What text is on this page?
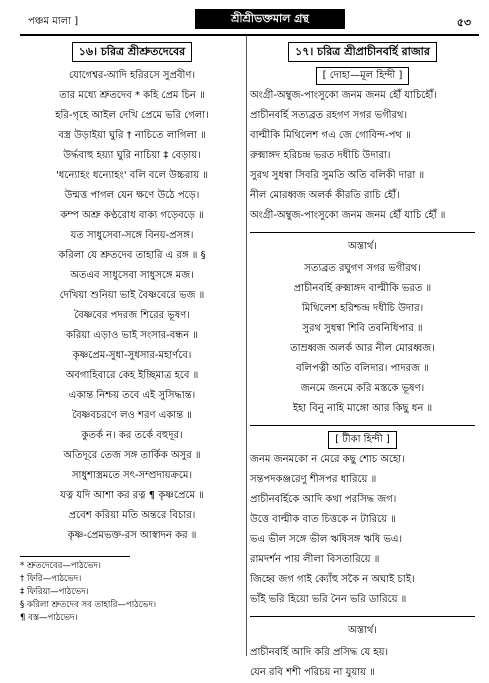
পঞ্চম মালা ]	শ্রীশ্রীভক্তমাল গ্রন্থ	৫৩
১৬। চরিত্র শ্রীশ্রুতদেবের
যোগেশ্বর-আদি হরিরসে সুপ্রবীণ।
তার মধ্যে শ্রুতদেব * কহি প্রেম চিন ॥
হরি-গৃহে আইল দেখি প্রেমে ভরি গেলা।
বস্ত্র উড়াইয়া ঘুরি † নাচিতে লাগিলা ॥
উর্দ্ধবাহু হয়্যা ঘুরি নাচিয়া ‡ বেড়ায়।
'ধন্যোহং ধন্যোহং' বলি বলে উচ্চরায় ॥
উন্মত্ত পাগল যেন ক্ষণে উঠে পড়ে।
কম্প অশ্রু কণ্ঠরোধ বাক্য গড়েবড়ে ॥
যত সাধুসেবা-সঙ্গে বিনয়-প্রসঙ্গ।
করিলা যে শ্রুতদেব তাহারি এ রঙ্গ ॥ §
অতএব সাধুসেবা সাধুসঙ্গে মজ।
দেখিয়া শুনিয়া ভাই বৈষ্ণবেরে ভজ ॥
বৈষ্ণবের পদরজ শিরের ভূষণ।
করিয়া এড়াও ভাই সংসার-বন্ধন ॥
কৃষ্ণপ্রেম-সুধা-সুধসার-মহার্ণবে।
অবগাহিবারে কেহ ইচ্ছিমাত্র হবে ॥
একান্ত নিশ্চয় তবে এই সুসিদ্ধান্ত।
বৈষ্ণবচরণে লও শরণ একান্ত ॥
কুতর্ক ন। কর তর্কে বহুদূর।
অতিদূরে তেজ সঙ্গ তার্কিক অসুর ॥
সাধুশাস্ত্রমতে সৎ-সম্প্রদায়ক্রমে।
যত্ন যদি আশা কর রত্ন ¶ কৃষ্ণপ্রেমে ॥
প্রবেশ করিয়া মতি অন্তরে বিচার।
কৃষ্ণ-প্রেমভক্ত-রস আস্বাদন কর ॥
* শ্রুতদেবের—পাঠভেদ।
† ফিরি—পাঠভেদ।
‡ ফিরিয়া—পাঠভেদ।
§ করিলা শ্রুতদেব সব তাহারি—পাঠভেদ।
¶ বস্ত—পাঠভেদ।
১৭। চরিত্র শ্রীপ্রাচীনবর্হি রাজার
[ দোহা—মূল হিন্দী ]
অংগ্রী-অম্বুজ-পাংসুকো জনম জনম হৌঁ যাচিহৌঁ।
প্রাচীনবর্হি সত্যব্রত রহগণ সগর ভগীরথ।
বাল্মীকি মিথিলেশ গএ জে গোবিন্দ-পথ ॥
রুক্মাঙ্গদ হরিচন্দ্র ভরত দধীচি উদারা।
সুরথ সুধন্বা সিবরি সুমতি অতি বলিকী দারা ॥
নীল মোরধ্বজ অলর্ক কীরতি রাচি হৌঁ।
অংগ্রী-অম্বুজ-পাংসুকো জনম জনম হৌঁ যাচি হৌঁ ॥
অস্তার্থ।
সত্যব্রত রঘুগণ সগর ভগীরথ।
প্রাচীনবর্হি রুক্মাঙ্গদ বাল্মীকি ভরত ॥
মিথিলেশ হরিশ্চন্দ্র দধীচি উদার।
সুরথ সুধন্বা শিবি তবনিধিপার ॥
তাম্রধ্বজ অলর্ক আর নীল মোরধ্বজ।
বলিপত্নী অতি বলিদার। পাদরজ ॥
জনমে জনমে করি মস্তকে ভূষণ।
ইহা বিনু নাহি মাঙ্গো আর কিছু ধন ॥
[ টীকা হিন্দী ]
জনম জনমকো ন মেরে কছু শোচ অহো।
সন্তপদকঞ্জরেণু শীসপর ধারিয়ে ॥
প্রাচীনবর্হিকে আদি কথা পরসিদ্ধ জগ।
উত্তে বাল্মীক বাত চিত্তকে ন টারিয়ে ॥
ভএ ভীল সঙ্গে ভীল ঋষিসঙ্গ ঋষি ভএ।
রামদর্শন পায় লীলা বিসতারিয়ে ॥
জিহ্বে জগ গাই ক্যোঁহু সকৈ ন অঘাই চাই।
ভাঁই ভরি হিয়ো ভরি নৈন ভরি ডারিয়ে ॥
অস্তার্থ।
প্রাচীনবর্হি আদি করি প্রসিদ্ধ যে হয়।
যেন রবি শশী পরিচয় না যুয়ায় ॥
